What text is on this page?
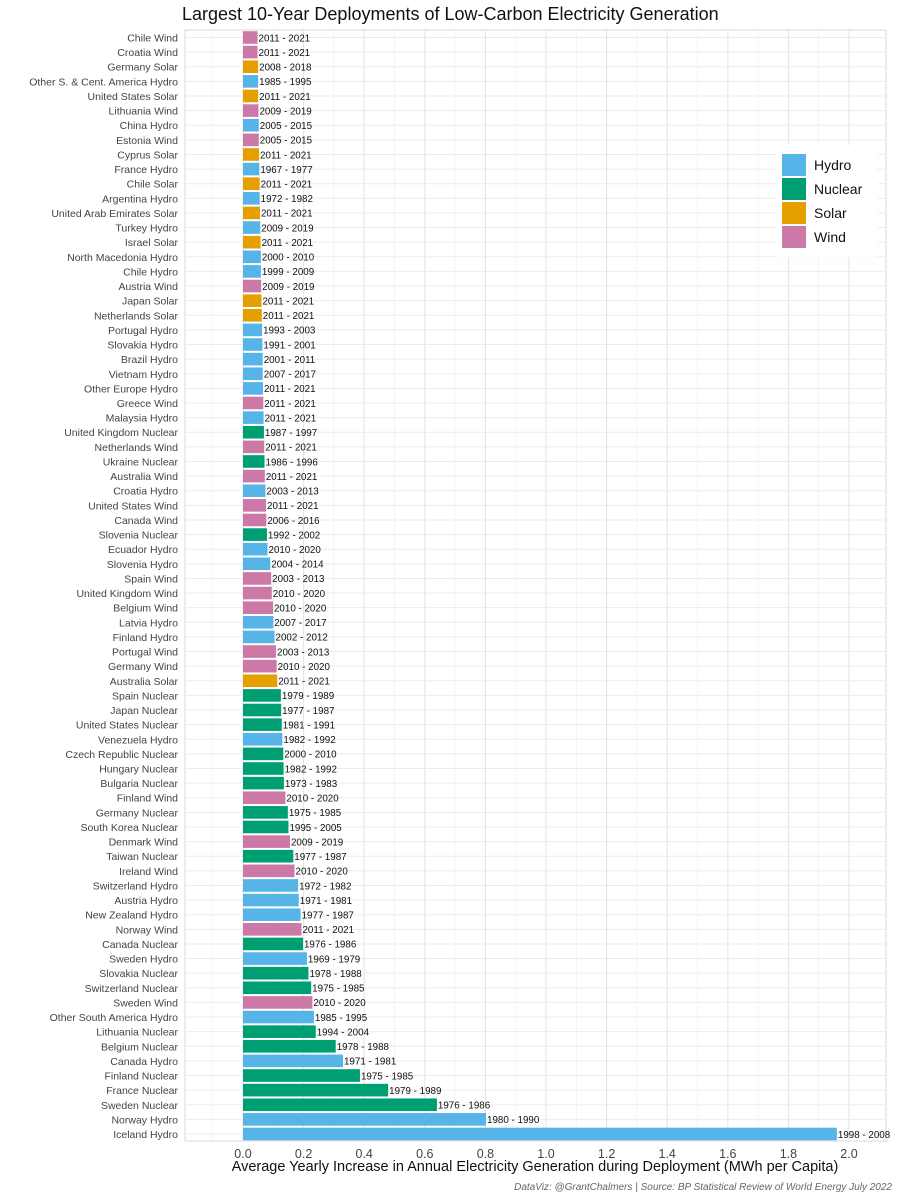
Chile Wind
Croatia Wind
Germany Solar
Other S. & Cent. America Hydro
United States Solar
Lithuania Wind
China Hydro
Estonia Wind
Cyprus Solar
France Hydro
Chile Solar
Argentina Hydro
United Arab Emirates Solar
Turkey Hydro
Israel Solar
North Macedonia Hydro
Chile Hydro
Austria Wind
Japan Solar
Netherlands Solar
Portugal Hydro
Slovakia Hydro
Brazil Hydro
Vietnam Hydro
Other Europe Hydro
Greece Wind
Malaysia Hydro
United Kingdom Nuclear
Netherlands Wind
Ukraine Nuclear
Australia Wind
Croatia Hydro
United States Wind
Canada Wind
Slovenia Nuclear
Ecuador Hydro
Slovenia Hydro
Spain Wind
United Kingdom Wind
Belgium Wind
Latvia Hydro
Finland Hydro
Portugal Wind
Germany Wind
Australia Solar
Spain Nuclear
Japan Nuclear
United States Nuclear
Venezuela Hydro
Czech Republic Nuclear
Hungary Nuclear
Bulgaria Nuclear
Finland Wind
Germany Nuclear
South Korea Nuclear
Denmark Wind
Taiwan Nuclear
Ireland Wind
Switzerland Hydro
Austria Hydro
New Zealand Hydro
Norway Wind
Canada Nuclear
Sweden Hydro
Slovakia Nuclear
Switzerland Nuclear
Sweden Wind
Other South America Hydro
Lithuania Nuclear
Belgium Nuclear
Canada Hydro
Finland Nuclear
France Nuclear
Sweden Nuclear
Norway Hydro
Iceland Hydro
2011 - 2021
2011 - 2021
2008 - 2018
1985 - 1995
2011 - 2021
2009 - 2019
2005 - 2015
2005 - 2015
2011 - 2021
1967 - 1977
2011 - 2021
1972 - 1982
2011 - 2021
2009 - 2019
2011 - 2021
2000 - 2010
1999 - 2009
2009 - 2019
2011 - 2021
2011 - 2021
1993 - 2003
1991 - 2001
2001 - 2011
2007 - 2017
2011 - 2021
2011 - 2021
2011 - 2021
1987 - 1997
2011 - 2021
1986 - 1996
2011 - 2021
2003 - 2013
2011 - 2021
2006 - 2016
1992 - 2002
2010 - 2020
2004 - 2014
2003 - 2013
2010 - 2020
2010 - 2020
2007 - 2017
2002 - 2012
2003 - 2013
2010 - 2020
2011 - 2021
1979 - 1989
1977 - 1987
1981 - 1991
1982 - 1992
2000 - 2010
1982 - 1992
1973 - 1983
2010 - 2020
1975 - 1985
1995 - 2005
2009 - 2019
1977 - 1987
2010 - 2020
1972 - 1982
1971 - 1981
1977 - 1987
2011 - 2021
1976 - 1986
1969 - 1979
1978 - 1988
1975 - 1985
2010 - 2020
1985 - 1995
1994 - 2004
1978 - 1988
1971 - 1981
1975 - 1985
1979 - 1989
1976 - 1986
1980 - 1990
1998 - 2008
0.0	0.2	0.4	0.6	0.8	1.0	1.2	1.4	1.6	1.8	2.0
Largest 10-Year Deployments of Low-Carbon Electricity Generation
Hydro
Nuclear
Solar
Wind
Average Yearly Increase in Annual Electricity Generation during Deployment (MWh per Capita)
DataViz: @GrantChalmers | Source: BP Statistical Review of World Energy July 2022
